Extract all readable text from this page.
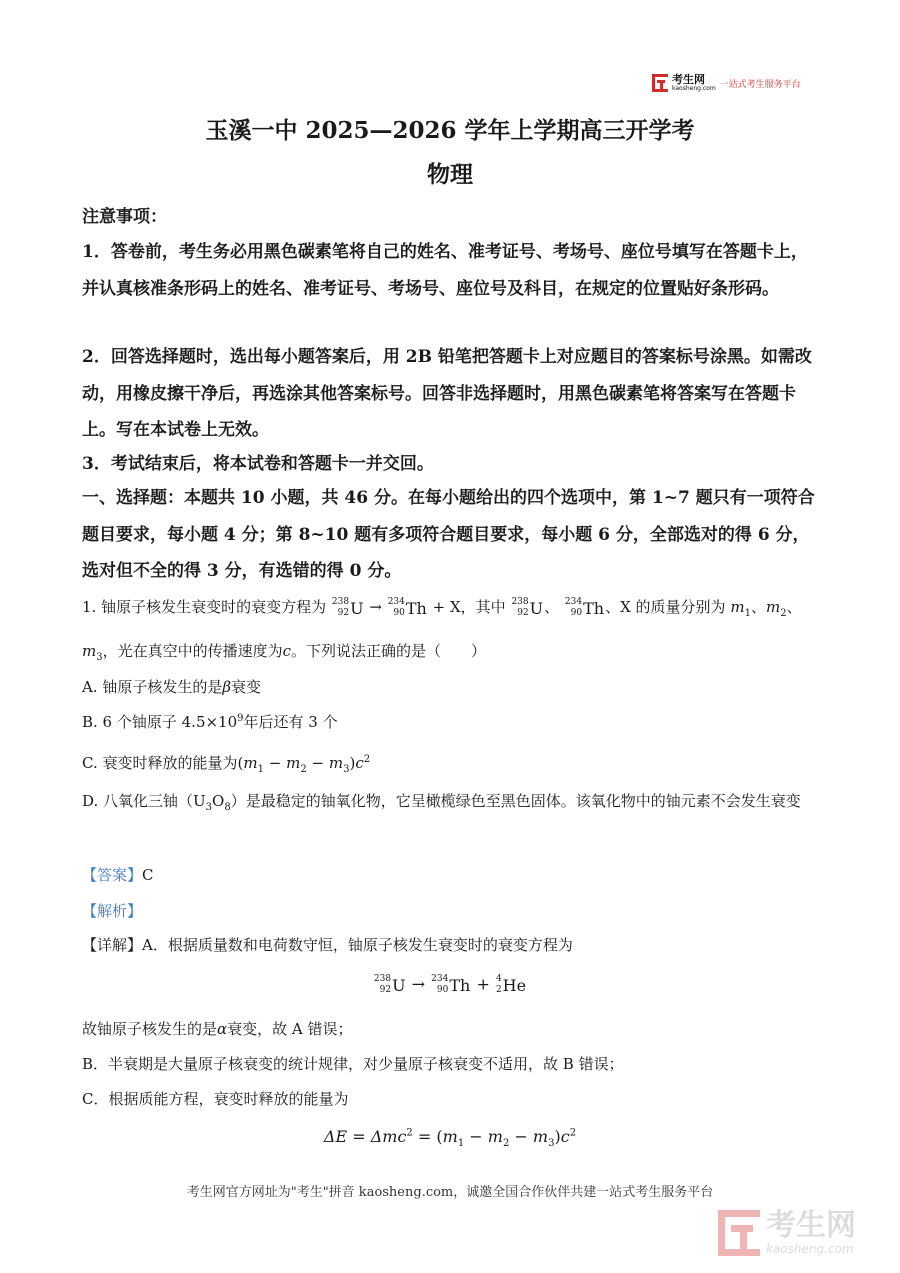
考生网
kaosheng.com 一站式考生服务平台
玉溪一中 2025—2026 学年上学期高三开学考
物理
注意事项：
1．答卷前，考生务必用黑色碳素笔将自己的姓名、准考证号、考场号、座位号填写在答题卡上，并认真核准条形码上的姓名、准考证号、考场号、座位号及科目，在规定的位置贴好条形码。
2．回答选择题时，选出每小题答案后，用 2B 铅笔把答题卡上对应题目的答案标号涂黑。如需改动，用橡皮擦干净后，再选涂其他答案标号。回答非选择题时，用黑色碳素笔将答案写在答题卡上。写在本试卷上无效。
3．考试结束后，将本试卷和答题卡一并交回。
一、选择题：本题共 10 小题，共 46 分。在每小题给出的四个选项中，第 1~7 题只有一项符合题目要求，每小题 4 分；第 8~10 题有多项符合题目要求，每小题 6 分，全部选对的得 6 分，选对但不全的得 3 分，有选错的得 0 分。
1. 铀原子核发生衰变时的衰变方程为 238
92 U → 234
90 Th + X，其中 238
92 U 、 234
90 Th 、X 的质量分别为 $m_1$、$m_2$、
$m_3$，光在真空中的传播速度为c。下列说法正确的是（　　）
A. 铀原子核发生的是β衰变
B. 6 个铀原子 $4.5\times 10^9$年后还有 3 个
C. 衰变时释放的能量为$(m_1 - m_2 - m_3)c^2$
D. 八氧化三铀$(U_3O_8)$是最稳定的铀氧化物，它呈橄榄绿色至黑色固体。该氧化物中的铀元素不会发生衰变
【答案】C
【解析】
【详解】A．根据质量数和电荷数守恒，铀原子核发生衰变时的衰变方程为
238
92 U → 234
90 Th + 4
2 He
故铀原子核发生的是α衰变，故 A 错误；
B．半衰期是大量原子核衰变的统计规律，对少量原子核衰变不适用，故 B 错误；
C．根据质能方程，衰变时释放的能量为
$\Delta E = \Delta mc^2 = (m_1 - m_2 - m_3)c^2$
考生网官方网址为"考生"拼音 kaosheng.com，诚邀全国合作伙伴共建一站式考生服务平台
考生网
kaosheng.com
